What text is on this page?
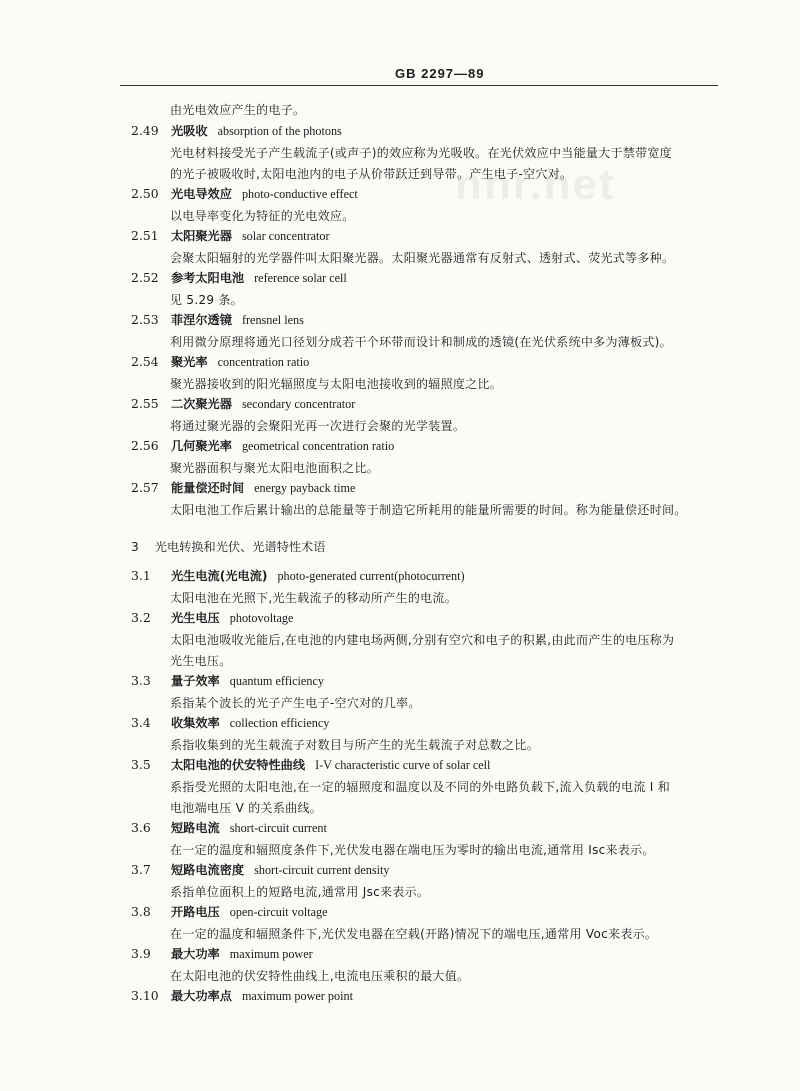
GB 2297—89
nnr.net
由光电效应产生的电子。
2.49 光吸收 absorption of the photons
光电材料接受光子产生载流子(或声子)的效应称为光吸收。在光伏效应中当能量大于禁带宽度
的光子被吸收时,太阳电池内的电子从价带跃迁到导带。产生电子-空穴对。
2.50 光电导效应 photo-conductive effect
以电导率变化为特征的光电效应。
2.51 太阳聚光器 solar concentrator
会聚太阳辐射的光学器件叫太阳聚光器。太阳聚光器通常有反射式、透射式、荧光式等多种。
2.52 参考太阳电池 reference solar cell
见 5.29 条。
2.53 菲涅尔透镜 frensnel lens
利用微分原理将通光口径划分成若干个环带而设计和制成的透镜(在光伏系统中多为薄板式)。
2.54 聚光率 concentration ratio
聚光器接收到的阳光辐照度与太阳电池接收到的辐照度之比。
2.55 二次聚光器 secondary concentrator
将通过聚光器的会聚阳光再一次进行会聚的光学装置。
2.56 几何聚光率 geometrical concentration ratio
聚光器面积与聚光太阳电池面积之比。
2.57 能量偿还时间 energy payback time
太阳电池工作后累计输出的总能量等于制造它所耗用的能量所需要的时间。称为能量偿还时间。
3 光电转换和光伏、光谱特性术语
3.1 光生电流(光电流) photo-generated current(photocurrent)
太阳电池在光照下,光生载流子的移动所产生的电流。
3.2 光生电压 photovoltage
太阳电池吸收光能后,在电池的内建电场两侧,分别有空穴和电子的积累,由此而产生的电压称为
光生电压。
3.3 量子效率 quantum efficiency
系指某个波长的光子产生电子-空穴对的几率。
3.4 收集效率 collection efficiency
系指收集到的光生载流子对数目与所产生的光生载流子对总数之比。
3.5 太阳电池的伏安特性曲线 I-V characteristic curve of solar cell
系指受光照的太阳电池,在一定的辐照度和温度以及不同的外电路负载下,流入负载的电流 I 和
电池端电压 V 的关系曲线。
3.6 短路电流 short-circuit current
在一定的温度和辐照度条件下,光伏发电器在端电压为零时的输出电流,通常用 Isc来表示。
3.7 短路电流密度 short-circuit current density
系指单位面积上的短路电流,通常用 Jsc来表示。
3.8 开路电压 open-circuit voltage
在一定的温度和辐照条件下,光伏发电器在空载(开路)情况下的端电压,通常用 Voc来表示。
3.9 最大功率 maximum power
在太阳电池的伏安特性曲线上,电流电压乘积的最大值。
3.10 最大功率点 maximum power point
